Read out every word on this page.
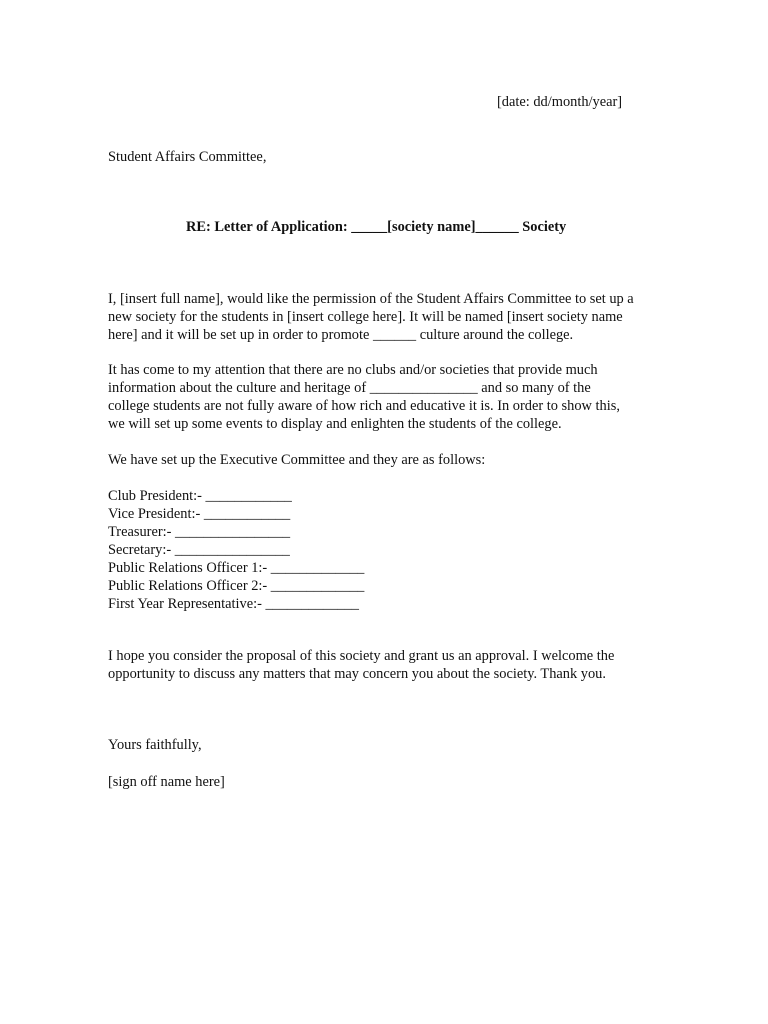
[date: dd/month/year]
Student Affairs Committee,
RE: Letter of Application: _____[society name]______ Society
I, [insert full name], would like the permission of the Student Affairs Committee to set up a
new society for the students in [insert college here]. It will be named [insert society name
here] and it will be set up in order to promote ______ culture around the college.
It has come to my attention that there are no clubs and/or societies that provide much
information about the culture and heritage of _______________ and so many of the
college students are not fully aware of how rich and educative it is. In order to show this,
we will set up some events to display and enlighten the students of the college.
We have set up the Executive Committee and they are as follows:
Club President:- ____________
Vice President:- ____________
Treasurer:- ________________
Secretary:- ________________
Public Relations Officer 1:- _____________
Public Relations Officer 2:- _____________
First Year Representative:- _____________
I hope you consider the proposal of this society and grant us an approval. I welcome the
opportunity to discuss any matters that may concern you about the society. Thank you.
Yours faithfully,
[sign off name here]
